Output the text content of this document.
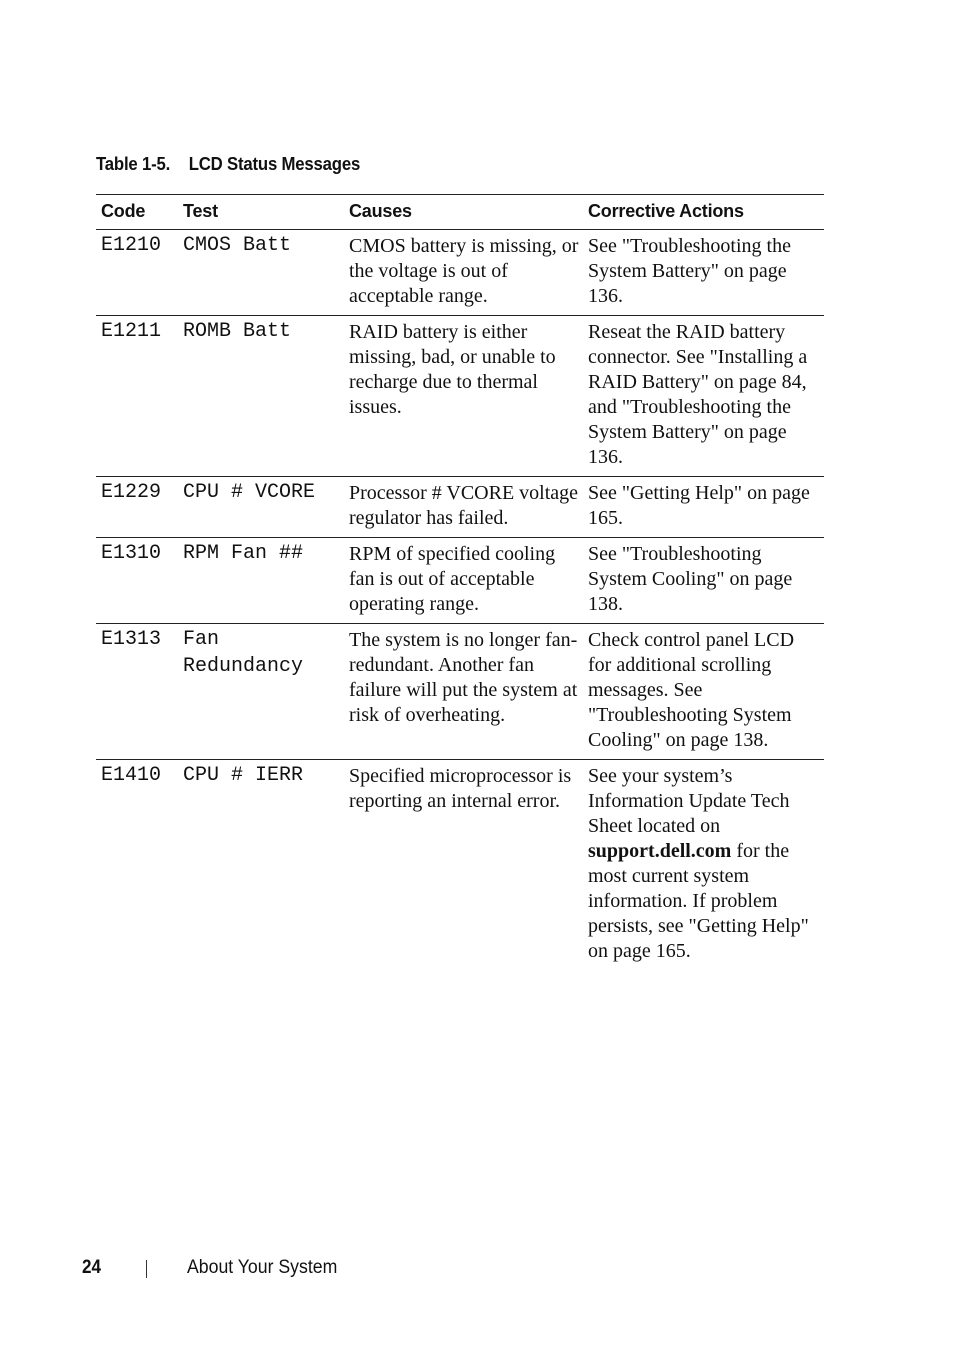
Table 1-5. LCD Status Messages
Code	Test	Causes	Corrective Actions
E1210	CMOS Batt	CMOS battery is missing, or the voltage is out of acceptable range.	See "Troubleshooting the System Battery" on page 136.
E1211	ROMB Batt	RAID battery is either missing, bad, or unable to recharge due to thermal issues.	Reseat the RAID battery connector. See "Installing a RAID Battery" on page 84, and "Troubleshooting the System Battery" on page 136.
E1229	CPU # VCORE	Processor # VCORE voltage regulator has failed.	See "Getting Help" on page 165.
E1310	RPM Fan ##	RPM of specified cooling fan is out of acceptable operating range.	See "Troubleshooting System Cooling" on page 138.
E1313	Fan Redundancy	The system is no longer fan-redundant. Another fan failure will put the system at risk of overheating.	Check control panel LCD for additional scrolling messages. See "Troubleshooting System Cooling" on page 138.
E1410	CPU # IERR	Specified microprocessor is reporting an internal error.	See your system’s Information Update Tech Sheet located on support.dell.com for the most current system information. If problem persists, see "Getting Help" on page 165.
24	About Your System
